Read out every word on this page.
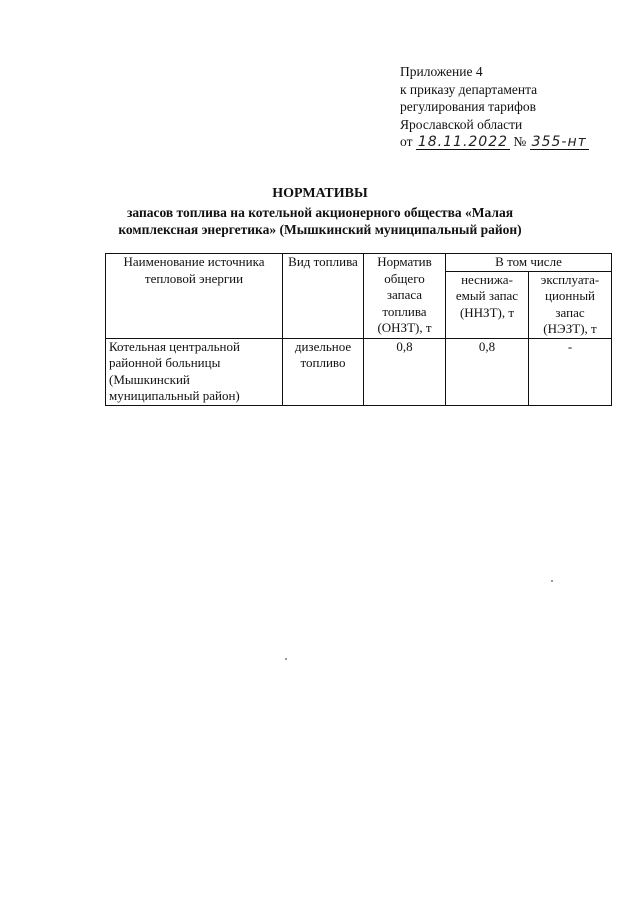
Приложение 4
к приказу департамента
регулирования тарифов
Ярославской области
от 18.11.2022 № 355-нт
НОРМАТИВЫ
запасов топлива на котельной акционерного общества «Малая
комплексная энергетика» (Мышкинский муниципальный район)
Наименование источника тепловой энергии	Вид топлива	Норматив общего запаса топлива (ОНЗТ), т	В том числе	
			неснижа-емый запас (ННЗТ), т	эксплуата-ционный запас (НЭЗТ), т
Котельная центральной районной больницы (Мышкинский муниципальный район)	дизельное топливо	0,8	0,8	-
